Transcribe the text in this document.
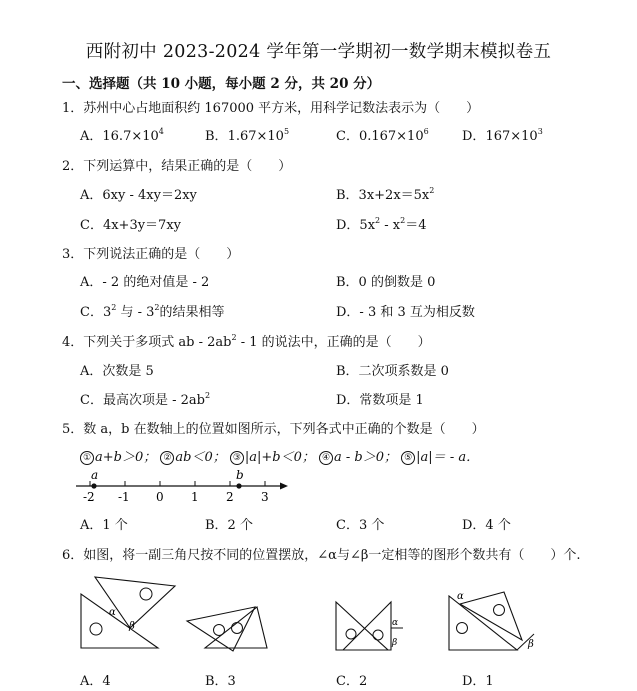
西附初中 2023-2024 学年第一学期初一数学期末模拟卷五
一、选择题（共 10 小题，每小题 2 分，共 20 分）
1．苏州中心占地面积约 167000 平方米，用科学记数法表示为（　　）
A．$16.7\times 10^4$	B．$1.67\times 10^5$	C．$0.167\times 10^6$	D．$167\times 10^3$
2．下列运算中，结果正确的是（　　）
A．6xy - 4xy＝2xy	B．$3x+2x=5x^2$
C．4x+3y＝7xy	D．$5x^2 - x^2=4$
3．下列说法正确的是（　　）
A．- 2 的绝对值是 - 2	B．0 的倒数是 0
C．$3^2$ 与 - $3^2$的结果相等	D．- 3 和 3 互为相反数
4．下列关于多项式 ab - $2ab^2 - 1$ 的说法中，正确的是（　　）
A．次数是 5	B．二次项系数是 0
C．最高次项是 - $2ab^2$	D．常数项是 1
5．数 a，b 在数轴上的位置如图所示，下列各式中正确的个数是（　　）
① a+b＞0； ② ab＜0； ③ |a|+b＜0； ④ a - b＞0； ⑤ |a|＝ - a．
-2 -1 0 1 2 3
a	b
A．1 个	B．2 个	C．3 个	D．4 个
6．如图，将一副三角尺按不同的位置摆放，∠α与∠β一定相等的图形个数共有（　　）个.
α
β	α
β
α
β
A．4	B．3	C．2	D．1
